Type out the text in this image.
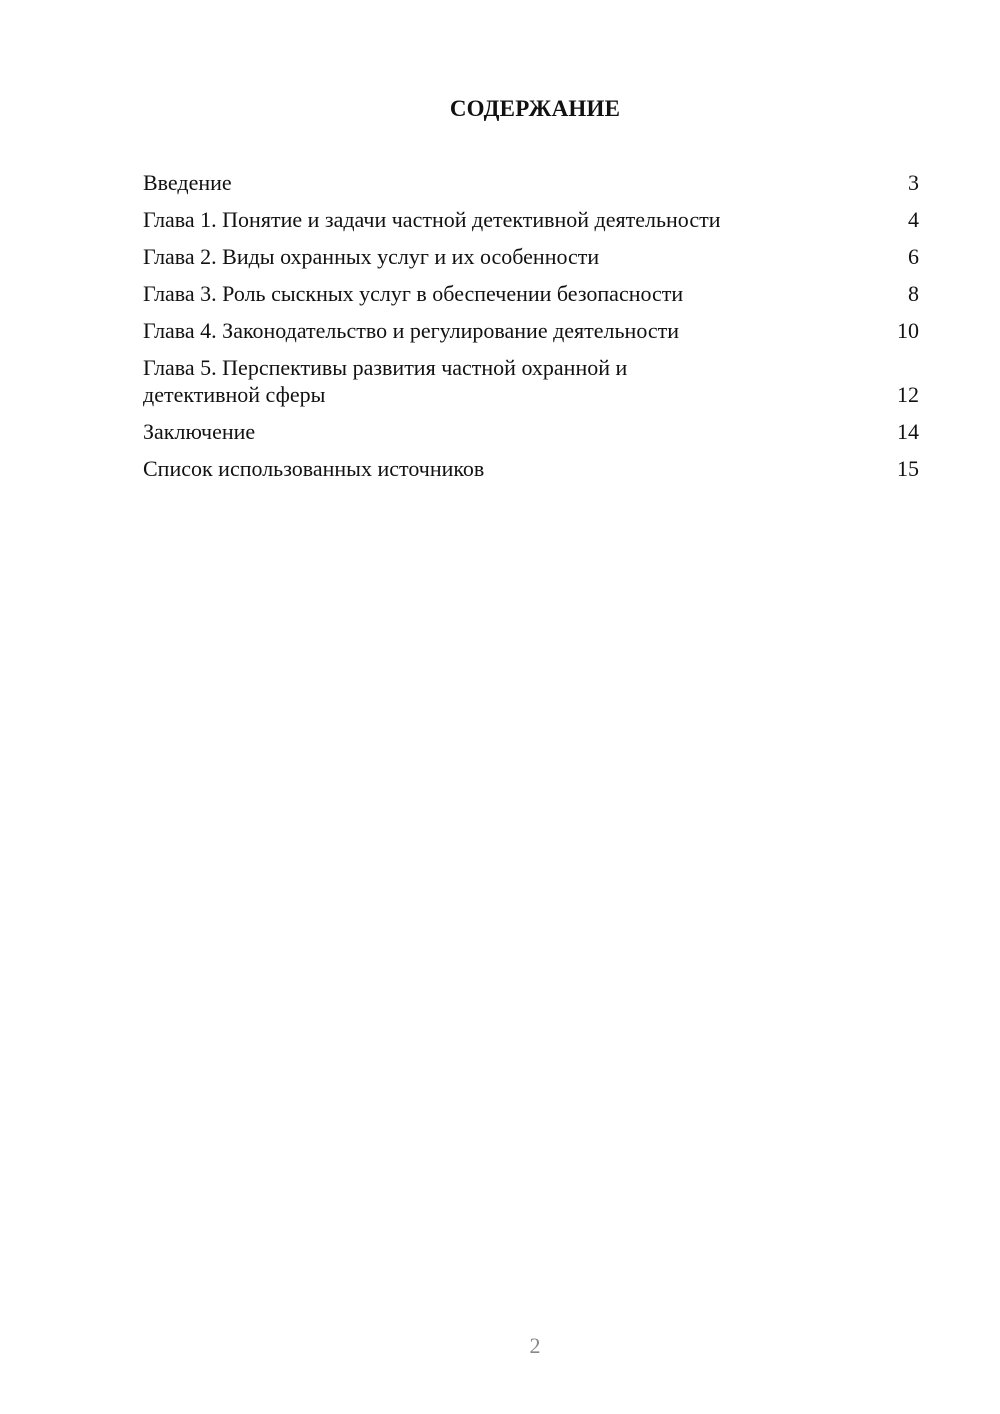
СОДЕРЖАНИЕ
Введение	3
Глава 1. Понятие и задачи частной детективной деятельности	4
Глава 2. Виды охранных услуг и их особенности	6
Глава 3. Роль сыскных услуг в обеспечении безопасности	8
Глава 4. Законодательство и регулирование деятельности	10
Глава 5. Перспективы развития частной охранной и детективной сферы	12
Заключение	14
Список использованных источников	15
2
